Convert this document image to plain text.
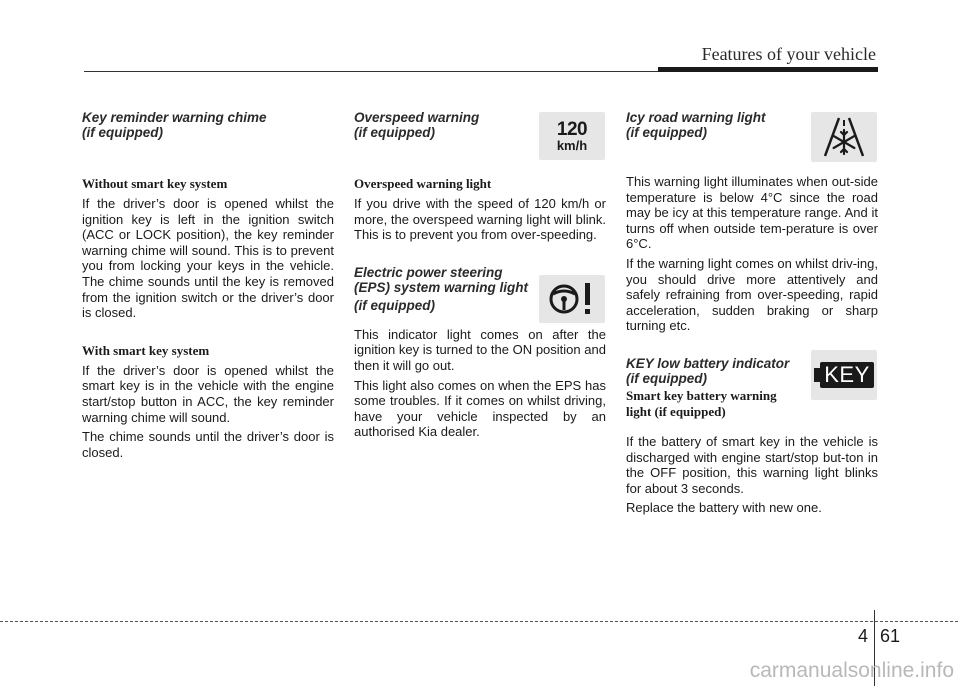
Features of your vehicle

Key reminder warning chime

(if equipped)

Without smart key system

If the driver’s door is opened whilst the ignition key is left in the ignition switch (ACC or LOCK position), the key reminder warning chime will sound. This is to prevent you from locking your keys in the vehicle. The chime sounds until the key is removed from the ignition switch or the driver’s door is closed.

With smart key system

If the driver’s door is opened whilst the smart key is in the vehicle with the engine start/stop button in ACC, the key reminder warning chime will sound.

The chime sounds until the driver’s door is closed.

Overspeed warning

(if equipped)

Overspeed warning light

If you drive with the speed of 120 km/h or more, the overspeed warning light will blink. This is to prevent you from over-speeding.

Electric power steering

(EPS) system warning light

(if equipped)

This indicator light comes on after the ignition key is turned to the ON position and then it will go out.

This light also comes on when the EPS has some troubles. If it comes on whilst driving, have your vehicle inspected by an authorised Kia dealer.

120
km/h

Icy road warning light

(if equipped)

This warning light illuminates when out-side temperature is below 4°C since the road may be icy at this temperature range. And it turns off when outside tem-perature is over 6°C.

If the warning light comes on whilst driv-ing, you should drive more attentively and safely refraining from over-speeding, rapid acceleration, sudden braking or sharp turning etc.

KEY low battery indicator

(if equipped)

Smart key battery warning

light (if equipped)

If the battery of smart key in the vehicle is discharged with engine start/stop but-ton in the OFF position, this warning light blinks for about 3 seconds.

Replace the battery with new one.

KEY
4 61
carmanualsonline.info
